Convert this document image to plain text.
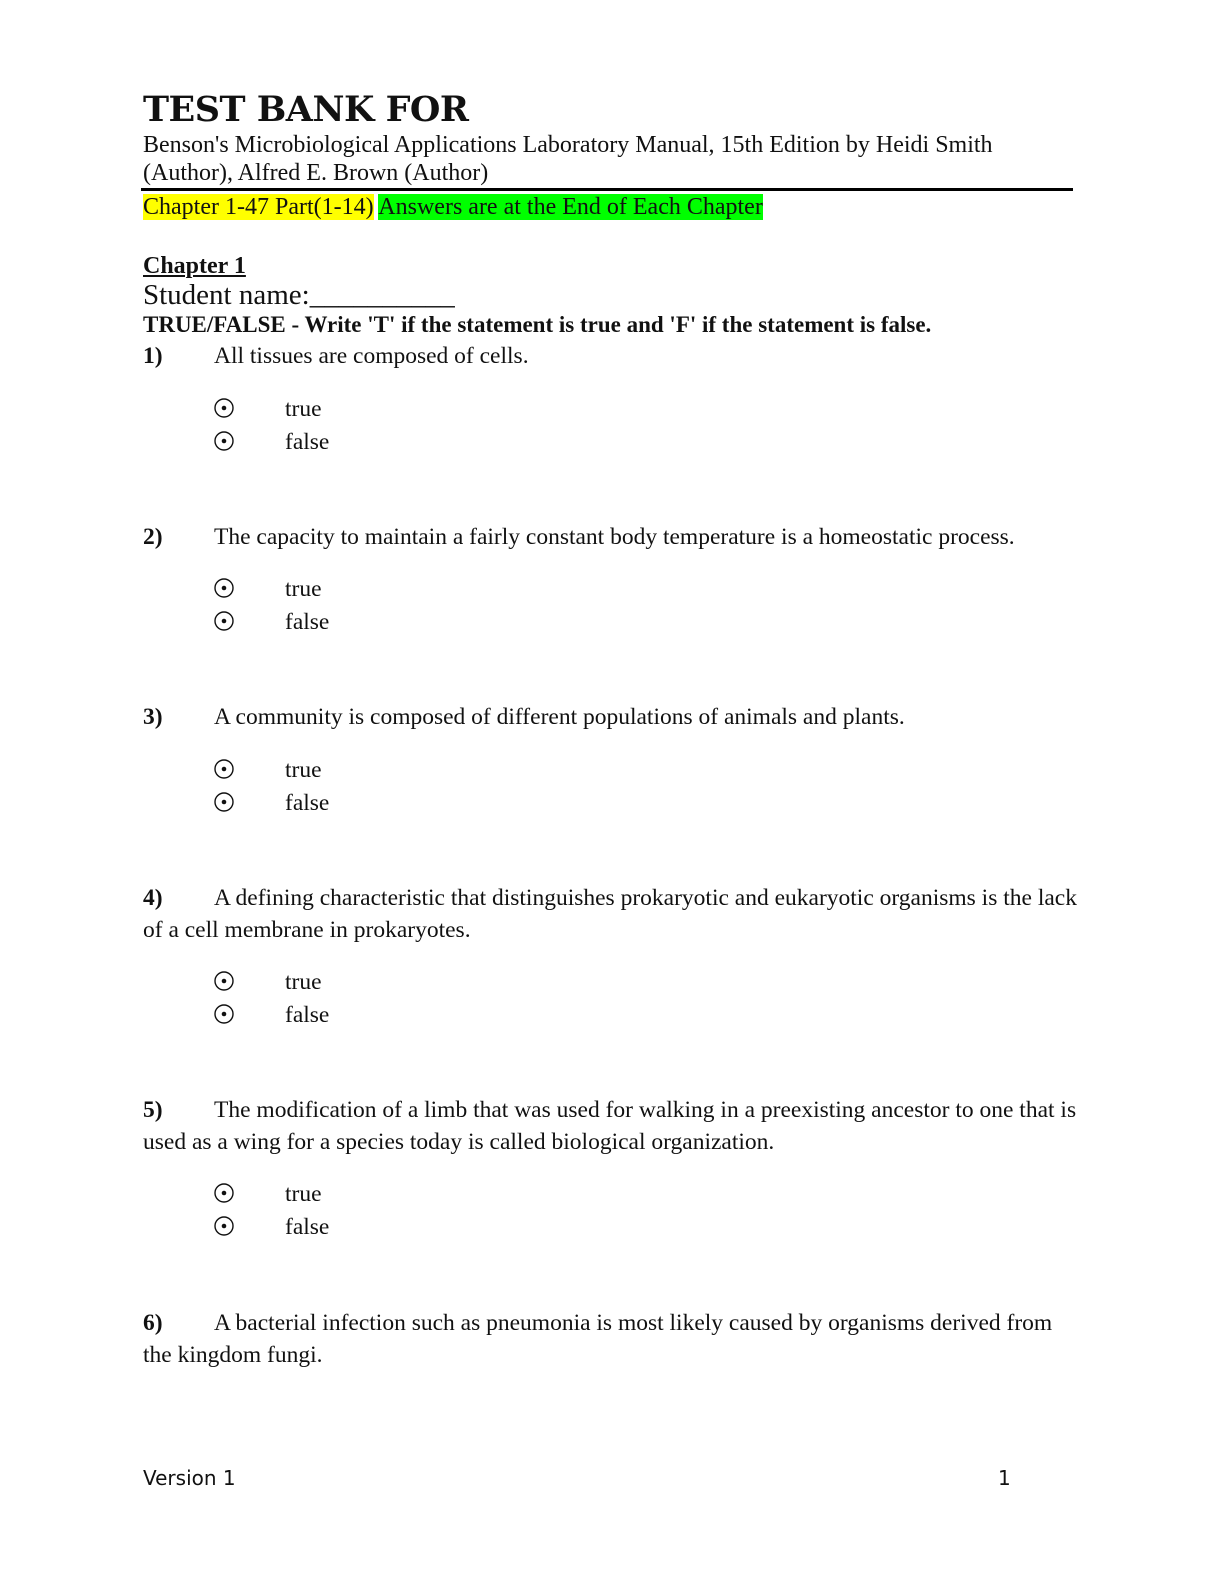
TEST BANK FOR
Benson's Microbiological Applications Laboratory Manual, 15th Edition by Heidi Smith
(Author), Alfred E. Brown (Author)
Chapter 1-47 Part(1-14) Answers are at the End of Each Chapter
Chapter 1
Student name:__________
TRUE/FALSE - Write 'T' if the statement is true and 'F' if the statement is false.
1) All tissues are composed of cells.
true
false
2) The capacity to maintain a fairly constant body temperature is a homeostatic process.
true
false
3) A community is composed of different populations of animals and plants.
true
false
4) A defining characteristic that distinguishes prokaryotic and eukaryotic organisms is the lack of a cell membrane in prokaryotes.
true
false
5) The modification of a limb that was used for walking in a preexisting ancestor to one that is used as a wing for a species today is called biological organization.
true
false
6) A bacterial infection such as pneumonia is most likely caused by organisms derived from the kingdom fungi.
Version 1	1
